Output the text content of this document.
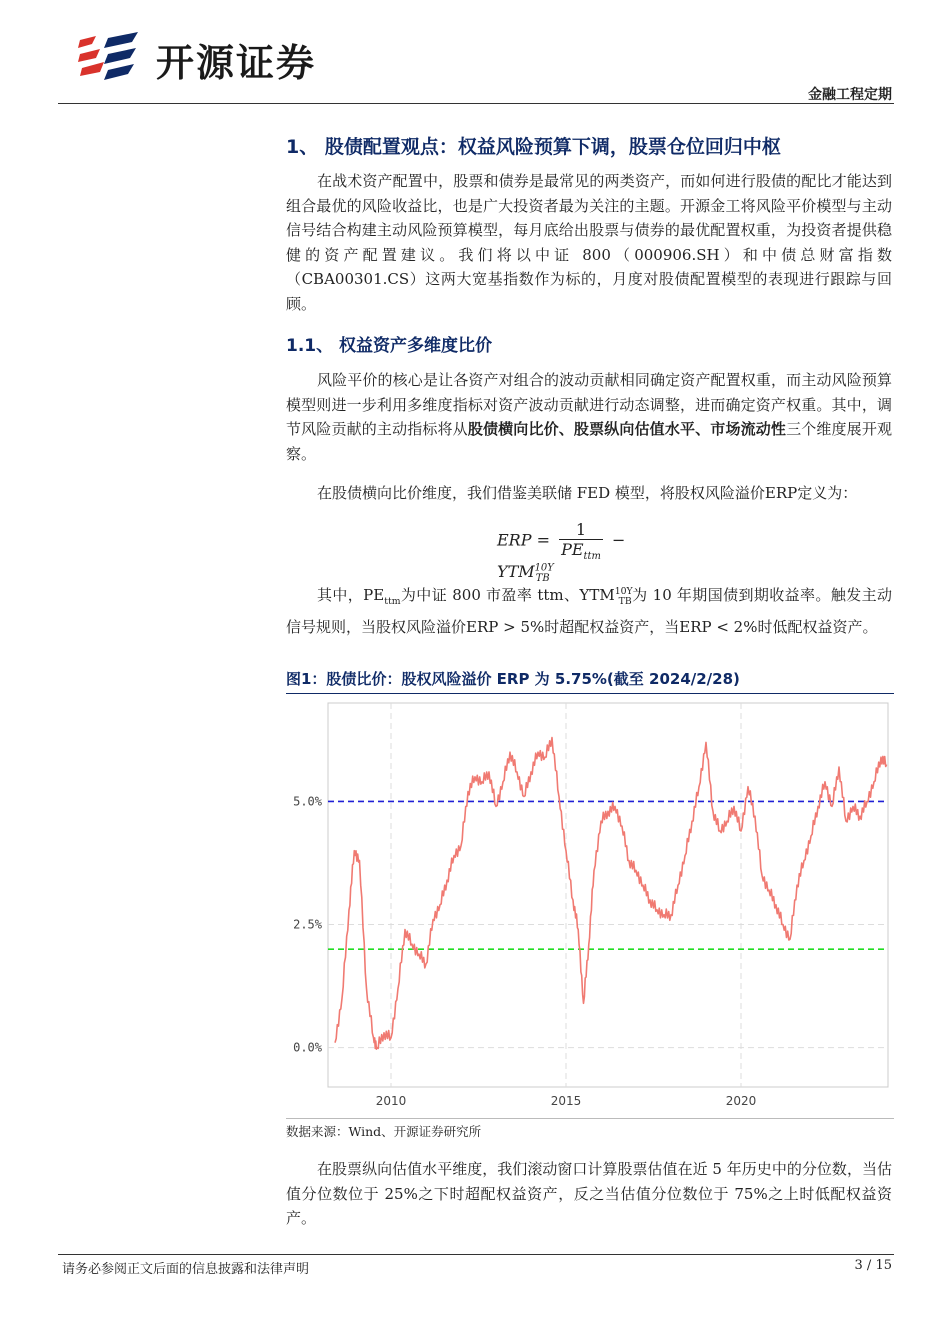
开源证券
金融工程定期
1、 股债配置观点：权益风险预算下调，股票仓位回归中枢

在战术资产配置中，股票和债券是最常见的两类资产，而如何进行股债的配比才能达到组合最优的风险收益比，也是广大投资者最为关注的主题。开源金工将风险平价模型与主动信号结合构建主动风险预算模型，每月底给出股票与债券的最优配置权重，为投资者提供稳健的资产配置建议。我们将以中证 800（000906.SH）和中债总财富指数（CBA00301.CS）这两大宽基指数作为标的，月度对股债配置模型的表现进行跟踪与回顾。

1.1、 权益资产多维度比价

风险平价的核心是让各资产对组合的波动贡献相同确定资产配置权重，而主动风险预算模型则进一步利用多维度指标对资产波动贡献进行动态调整，进而确定资产权重。其中，调节风险贡献的主动指标将从股债横向比价、股票纵向估值水平、市场流动性三个维度展开观察。

在股债横向比价维度，我们借鉴美联储 FED 模型，将股权风险溢价ERP定义为：

ERP = $\frac{1}{PE_{ttm}} - YTM^{10Y}_{TB}$

其中，$PE_{ttm}$为中证 800 市盈率 ttm、$YTM^{10Y}_{TB}$为 10 年期国债到期收益率。触发主动信号规则，当股权风险溢价ERP > 5%时超配权益资产，当ERP < 2%时低配权益资产。

图1：股债比价：股权风险溢价 ERP 为 5.75%(截至 2024/2/28)
0.0%
2.5%
5.0%
2010	2015	2020
数据来源：Wind、开源证券研究所

在股票纵向估值水平维度，我们滚动窗口计算股票估值在近 5 年历史中的分位数，当估值分位数位于 25%之下时超配权益资产，反之当估值分位数位于 75%之上时低配权益资产。

请务必参阅正文后面的信息披露和法律声明	3 / 15
